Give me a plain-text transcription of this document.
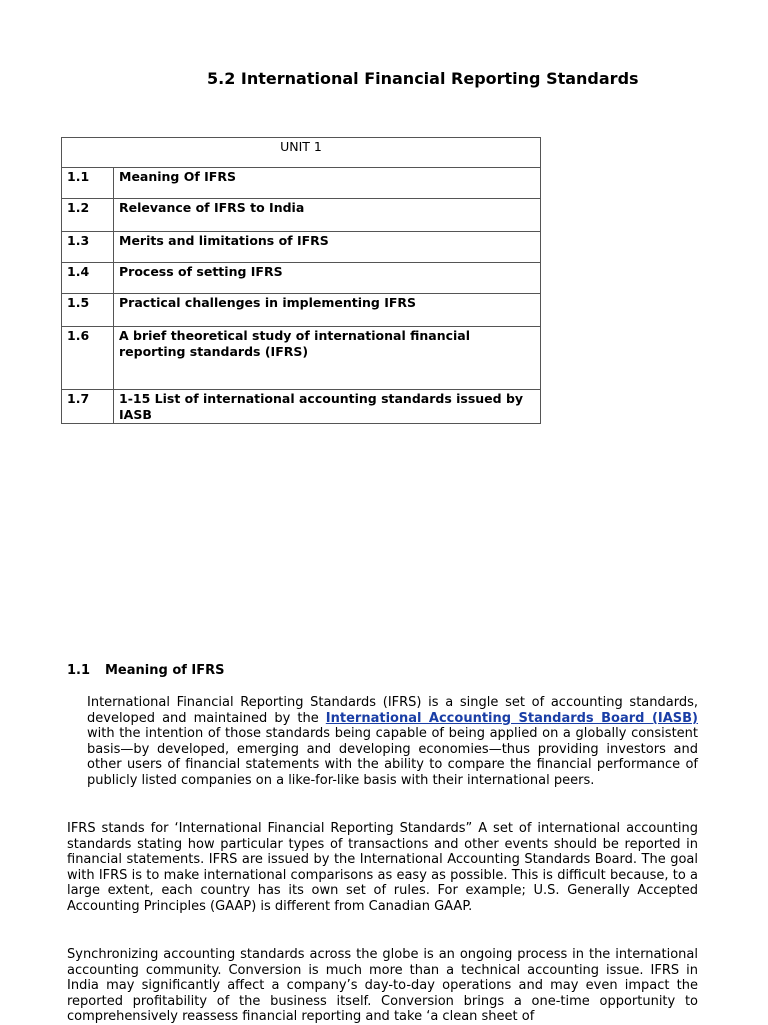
5.2 International Financial Reporting Standards
UNIT 1	
1.1	Meaning Of IFRS
1.2	Relevance of IFRS to India
1.3	Merits and limitations of IFRS
1.4	Process of setting IFRS
1.5	Practical challenges in implementing IFRS
1.6	A brief theoretical study of international financial reporting standards (IFRS)
1.7	1-15 List of international accounting standards issued by IASB
1.1 Meaning of IFRS

International Financial Reporting Standards (IFRS) is a single set of accounting standards, developed and maintained by the International Accounting Standards Board (IASB) with the intention of those standards being capable of being applied on a globally consistent basis—by developed, emerging and developing economies—thus providing investors and other users of financial statements with the ability to compare the financial performance of publicly listed companies on a like-for-like basis with their international peers.

IFRS stands for ‘International Financial Reporting Standards” A set of international accounting standards stating how particular types of transactions and other events should be reported in financial statements. IFRS are issued by the International Accounting Standards Board. The goal with IFRS is to make international comparisons as easy as possible. This is difficult because, to a large extent, each country has its own set of rules. For example; U.S. Generally Accepted Accounting Principles (GAAP) is different from Canadian GAAP.

Synchronizing accounting standards across the globe is an ongoing process in the international accounting community. Conversion is much more than a technical accounting issue. IFRS in India may significantly affect a company’s day-to-day operations and may even impact the reported profitability of the business itself. Conversion brings a one-time opportunity to comprehensively reassess financial reporting and take ‘a clean sheet of
